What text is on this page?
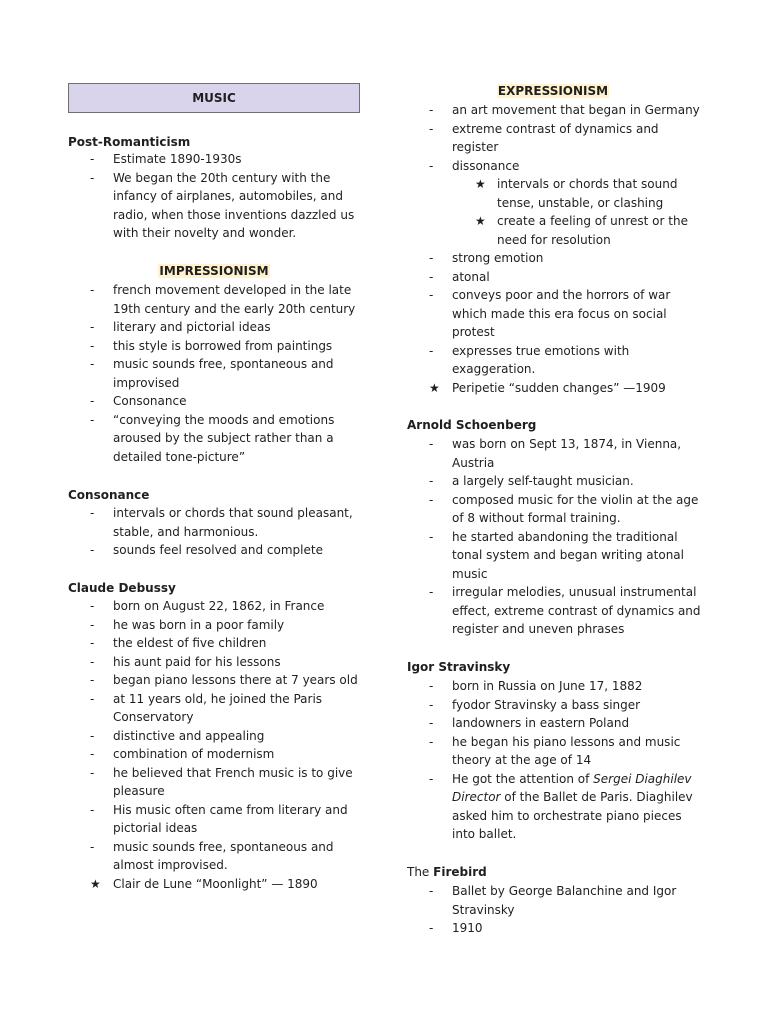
MUSIC
Post-Romanticism
- Estimate 1890-1930s
- We began the 20th century with the infancy of airplanes, automobiles, and radio, when those inventions dazzled us with their novelty and wonder.
IMPRESSIONISM
- french movement developed in the late 19th century and the early 20th century
- literary and pictorial ideas
- this style is borrowed from paintings
- music sounds free, spontaneous and improvised
- Consonance
- “conveying the moods and emotions aroused by the subject rather than a detailed tone-picture”
Consonance
- intervals or chords that sound pleasant, stable, and harmonious.
- sounds feel resolved and complete
Claude Debussy
- born on August 22, 1862, in France
- he was born in a poor family
- the eldest of five children
- his aunt paid for his lessons
- began piano lessons there at 7 years old
- at 11 years old, he joined the Paris Conservatory
- distinctive and appealing
- combination of modernism
- he believed that French music is to give pleasure
- His music often came from literary and pictorial ideas
- music sounds free, spontaneous and almost improvised.
★ Clair de Lune “Moonlight” — 1890
EXPRESSIONISM
- an art movement that began in Germany
- extreme contrast of dynamics and register
- dissonance
★ intervals or chords that sound tense, unstable, or clashing
★ create a feeling of unrest or the need for resolution
- strong emotion
- atonal
- conveys poor and the horrors of war which made this era focus on social protest
- expresses true emotions with exaggeration.
★ Peripetie “sudden changes” —1909
Arnold Schoenberg
- was born on Sept 13, 1874, in Vienna, Austria
- a largely self-taught musician.
- composed music for the violin at the age of 8 without formal training.
- he started abandoning the traditional tonal system and began writing atonal music
- irregular melodies, unusual instrumental effect, extreme contrast of dynamics and register and uneven phrases
Igor Stravinsky
- born in Russia on June 17, 1882
- fyodor Stravinsky a bass singer
- landowners in eastern Poland
- he began his piano lessons and music theory at the age of 14
- He got the attention of Sergei Diaghilev Director of the Ballet de Paris. Diaghilev asked him to orchestrate piano pieces into ballet.
The Firebird
- Ballet by George Balanchine and Igor Stravinsky
- 1910
